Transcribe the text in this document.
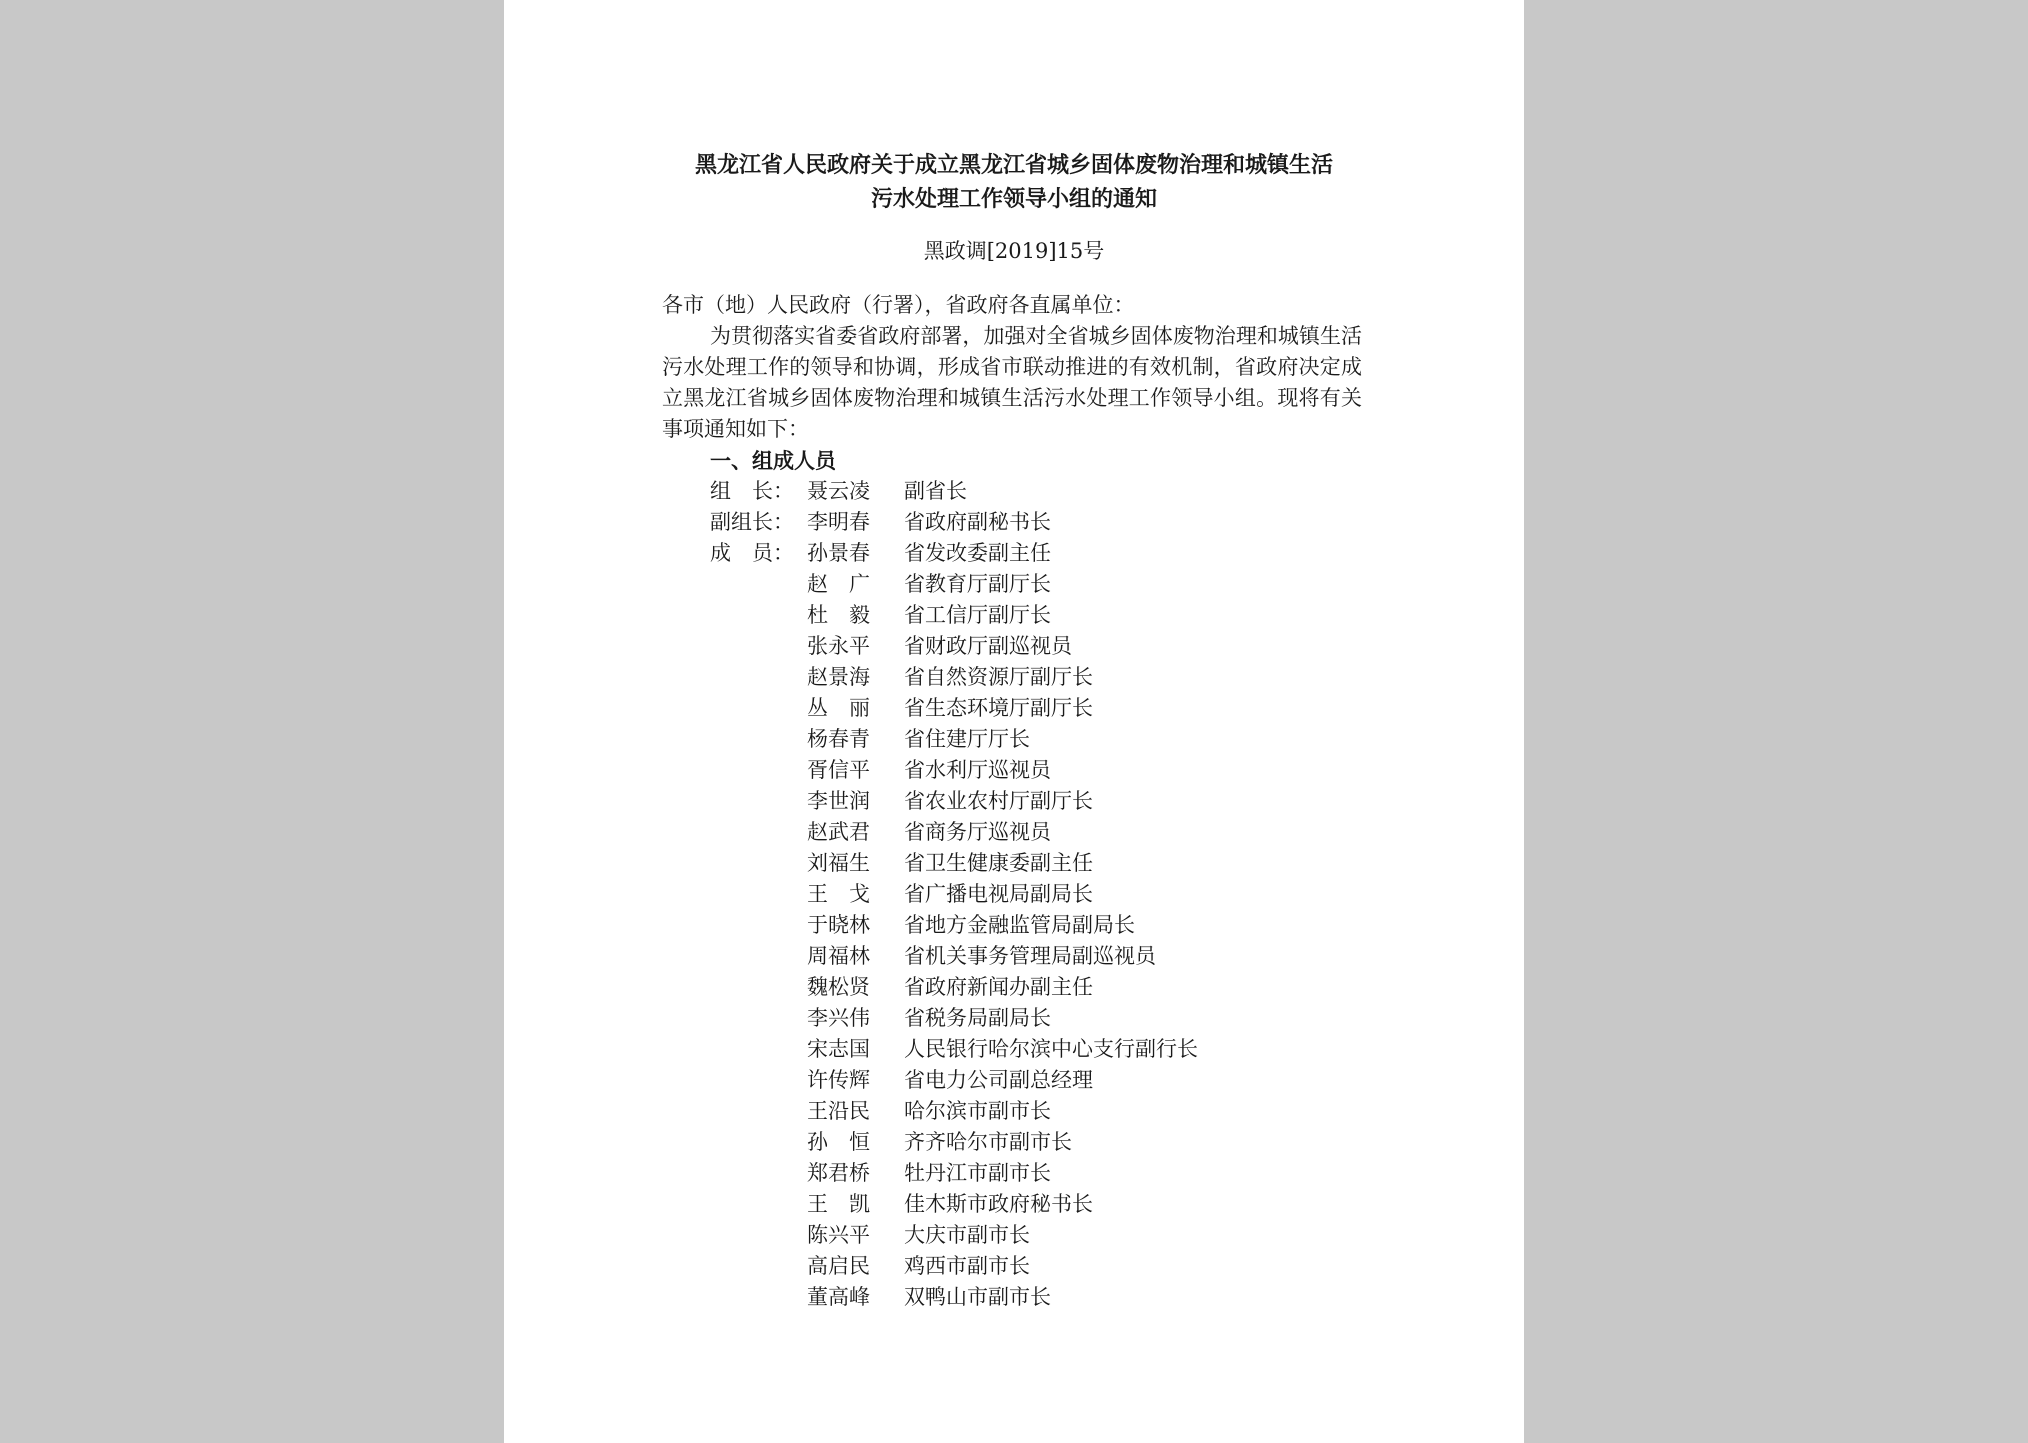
黑龙江省人民政府关于成立黑龙江省城乡固体废物治理和城镇生活
污水处理工作领导小组的通知
黑政调[2019]15号

各市（地）人民政府（行署），省政府各直属单位：

为贯彻落实省委省政府部署，加强对全省城乡固体废物治理和城镇生活污水处理工作的领导和协调，形成省市联动推进的有效机制，省政府决定成立黑龙江省城乡固体废物治理和城镇生活污水处理工作领导小组。现将有关事项通知如下：

一、组成人员

组　长： 聂云凌	副省长
副组长： 李明春	省政府副秘书长
成　员： 孙景春	省发改委副主任
赵　广	省教育厅副厅长
杜　毅	省工信厅副厅长
张永平	省财政厅副巡视员
赵景海	省自然资源厅副厅长
丛　丽	省生态环境厅副厅长
杨春青	省住建厅厅长
胥信平	省水利厅巡视员
李世润	省农业农村厅副厅长
赵武君	省商务厅巡视员
刘福生	省卫生健康委副主任
王　戈	省广播电视局副局长
于晓林	省地方金融监管局副局长
周福林	省机关事务管理局副巡视员
魏松贤	省政府新闻办副主任
李兴伟	省税务局副局长
宋志国	人民银行哈尔滨中心支行副行长
许传辉	省电力公司副总经理
王沿民	哈尔滨市副市长
孙　恒	齐齐哈尔市副市长
郑君桥	牡丹江市副市长
王　凯	佳木斯市政府秘书长
陈兴平	大庆市副市长
高启民	鸡西市副市长
董高峰	双鸭山市副市长
